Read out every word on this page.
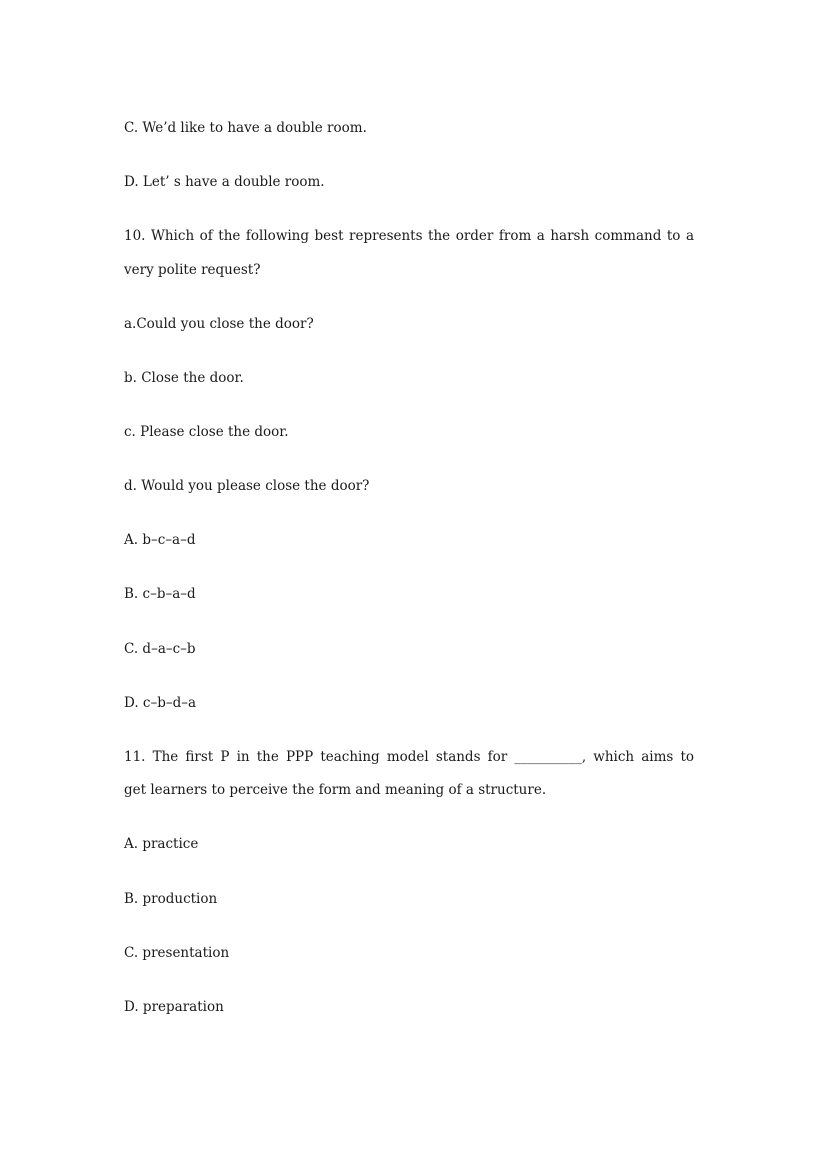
C. We’d like to have a double room.
D. Let’ s have a double room.
10. Which of the following best represents the order from a harsh command to a
very polite request?
a.Could you close the door?
b. Close the door.
c. Please close the door.
d. Would you please close the door?
A. b–c–a–d
B. c–b–a–d
C. d–a–c–b
D. c–b–d–a
11. The first P in the PPP teaching model stands for __________, which aims to
get learners to perceive the form and meaning of a structure.
A. practice
B. production
C. presentation
D. preparation
